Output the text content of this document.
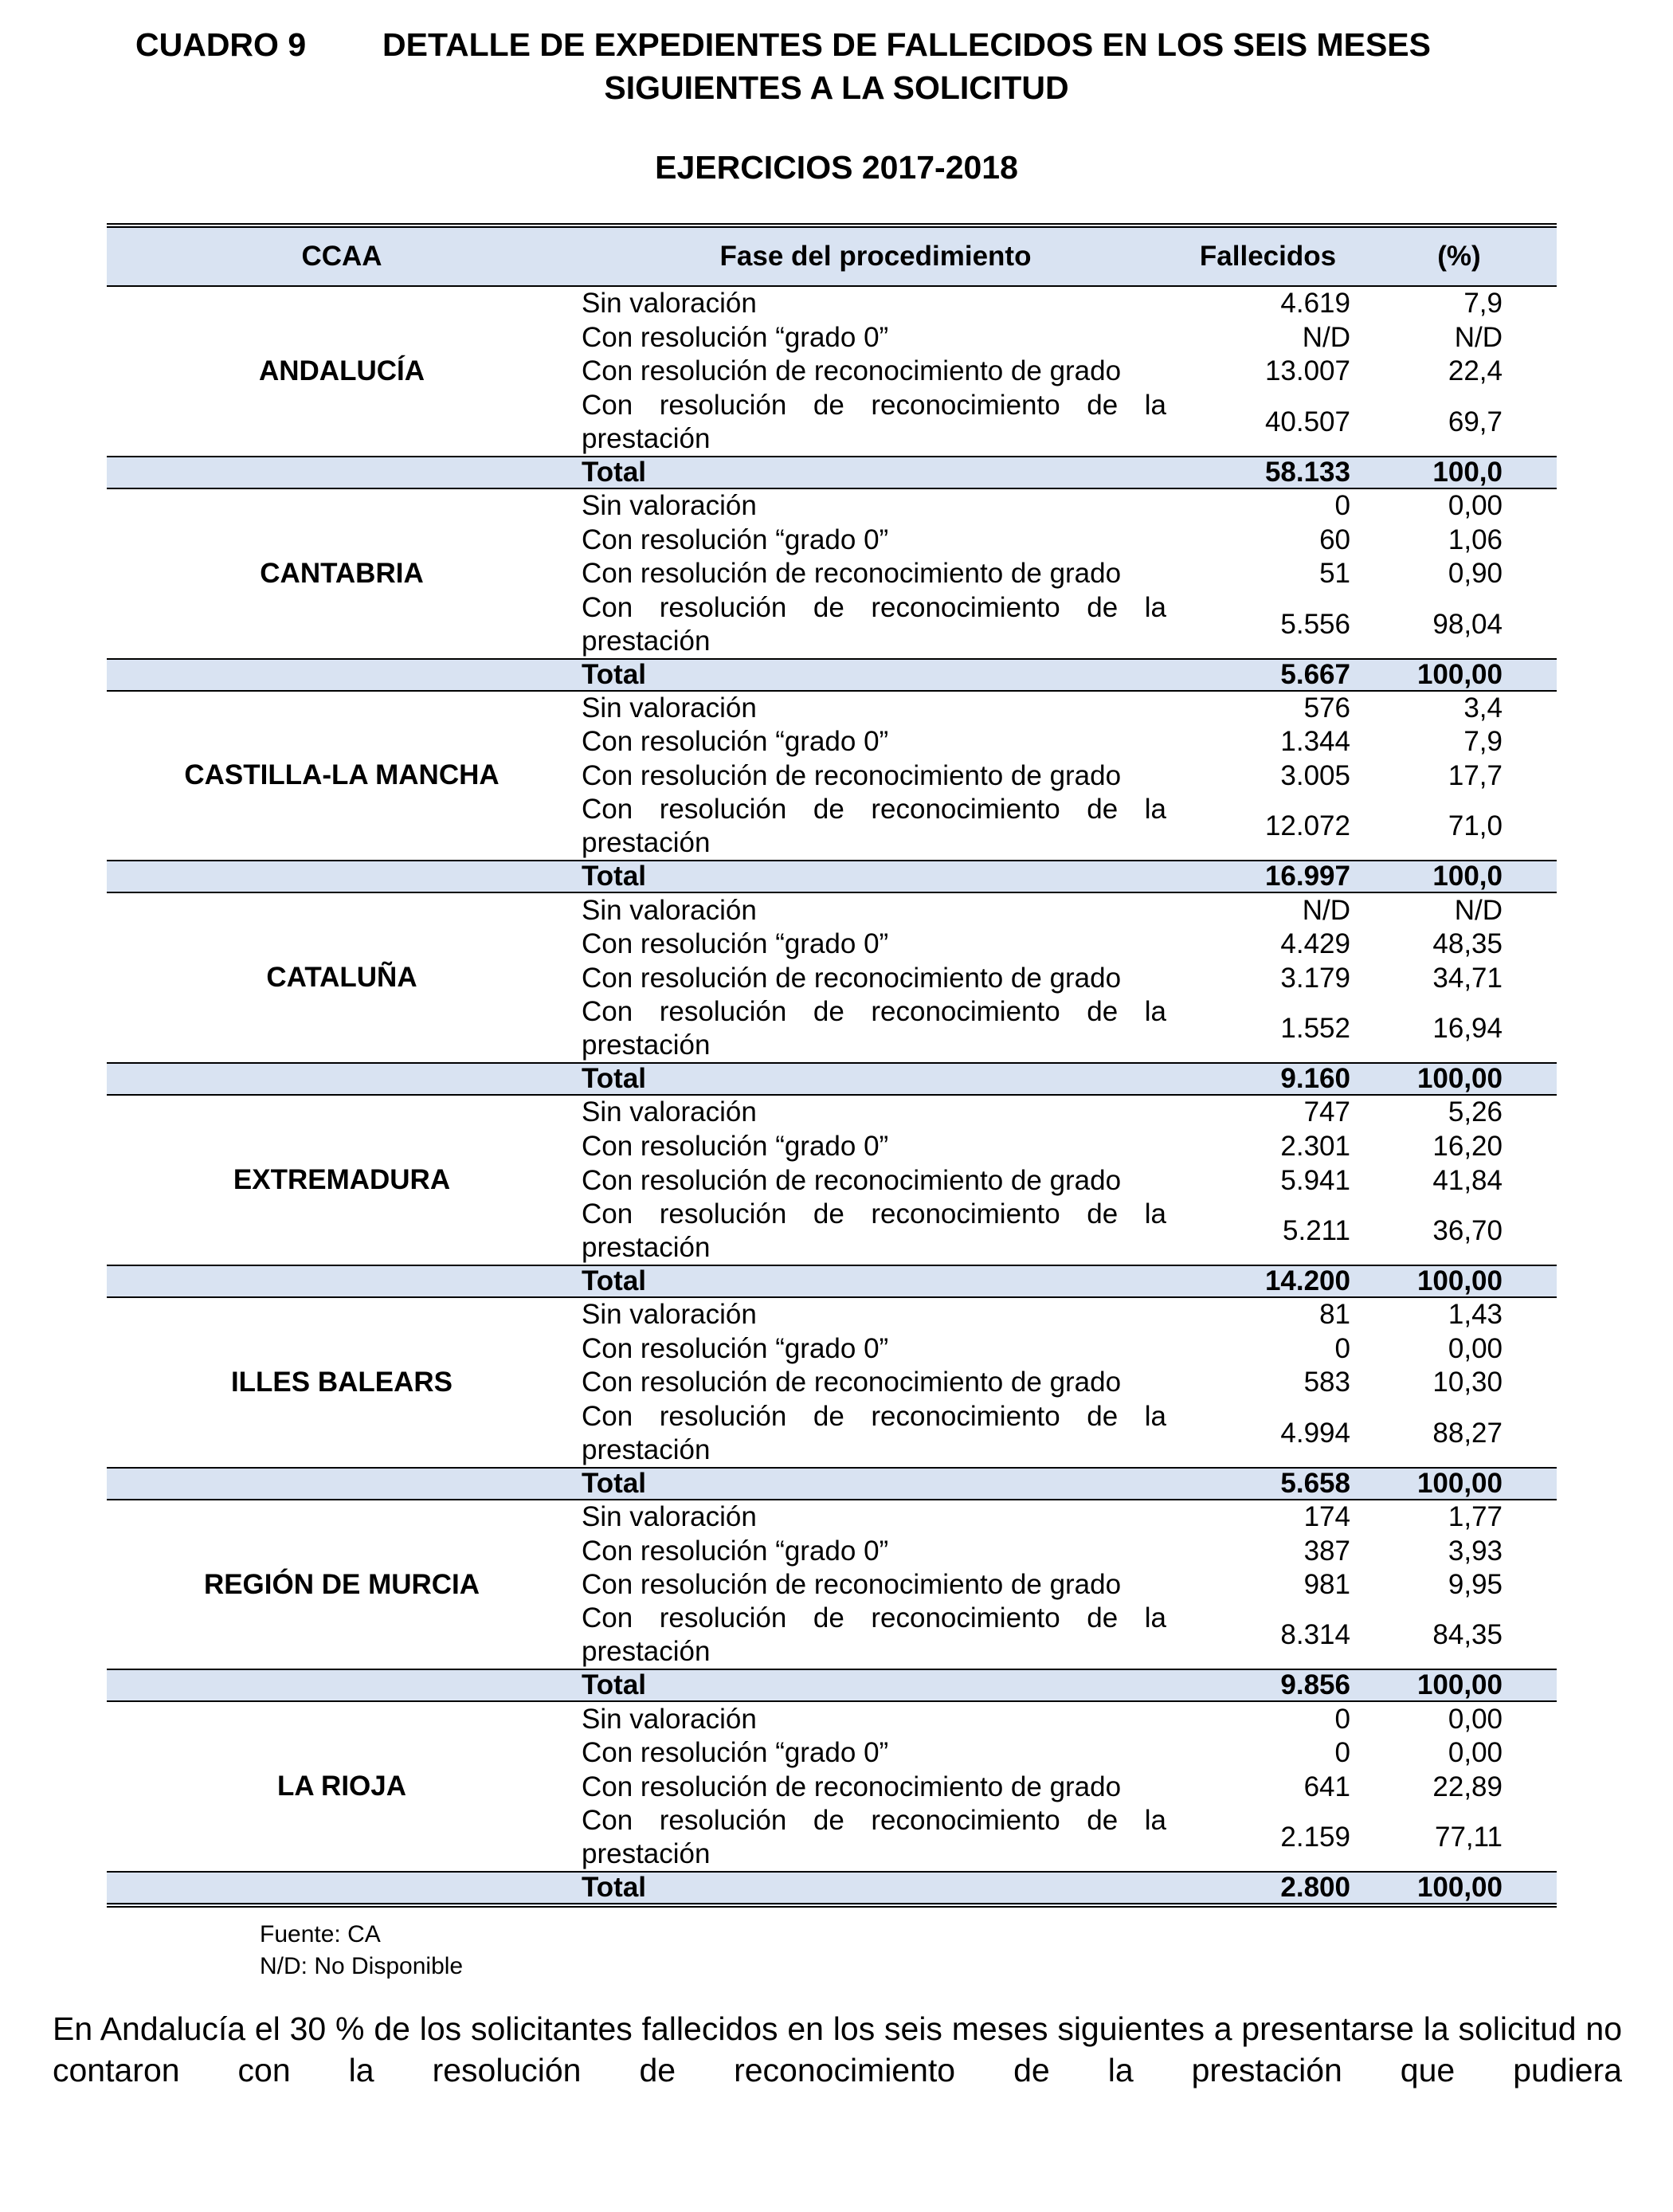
CUADRO 9 DETALLE DE EXPEDIENTES DE FALLECIDOS EN LOS SEIS MESES
SIGUIENTES A LA SOLICITUD
EJERCICIOS 2017-2018
CCAA	Fase del procedimiento	Fallecidos	(%)
ANDALUCÍA	Sin valoración	4.619	7,9
	Con resolución “grado 0”	N/D	N/D
	Con resolución de reconocimiento de grado	13.007	22,4
	Con resolución de reconocimiento de la prestación	40.507	69,7
	Total	58.133	100,0
CANTABRIA	Sin valoración	0	0,00
	Con resolución “grado 0”	60	1,06
	Con resolución de reconocimiento de grado	51	0,90
	Con resolución de reconocimiento de la prestación	5.556	98,04
	Total	5.667	100,00
CASTILLA-LA MANCHA	Sin valoración	576	3,4
	Con resolución “grado 0”	1.344	7,9
	Con resolución de reconocimiento de grado	3.005	17,7
	Con resolución de reconocimiento de la prestación	12.072	71,0
	Total	16.997	100,0
CATALUÑA	Sin valoración	N/D	N/D
	Con resolución “grado 0”	4.429	48,35
	Con resolución de reconocimiento de grado	3.179	34,71
	Con resolución de reconocimiento de la prestación	1.552	16,94
	Total	9.160	100,00
EXTREMADURA	Sin valoración	747	5,26
	Con resolución “grado 0”	2.301	16,20
	Con resolución de reconocimiento de grado	5.941	41,84
	Con resolución de reconocimiento de la prestación	5.211	36,70
	Total	14.200	100,00
ILLES BALEARS	Sin valoración	81	1,43
	Con resolución “grado 0”	0	0,00
	Con resolución de reconocimiento de grado	583	10,30
	Con resolución de reconocimiento de la prestación	4.994	88,27
	Total	5.658	100,00
REGIÓN DE MURCIA	Sin valoración	174	1,77
	Con resolución “grado 0”	387	3,93
	Con resolución de reconocimiento de grado	981	9,95
	Con resolución de reconocimiento de la prestación	8.314	84,35
	Total	9.856	100,00
LA RIOJA	Sin valoración	0	0,00
	Con resolución “grado 0”	0	0,00
	Con resolución de reconocimiento de grado	641	22,89
	Con resolución de reconocimiento de la prestación	2.159	77,11
	Total	2.800	100,00
Fuente: CA
N/D: No Disponible
En Andalucía el 30 % de los solicitantes fallecidos en los seis meses siguientes a presentarse la solicitud no contaron con la resolución de reconocimiento de la prestación que pudiera
